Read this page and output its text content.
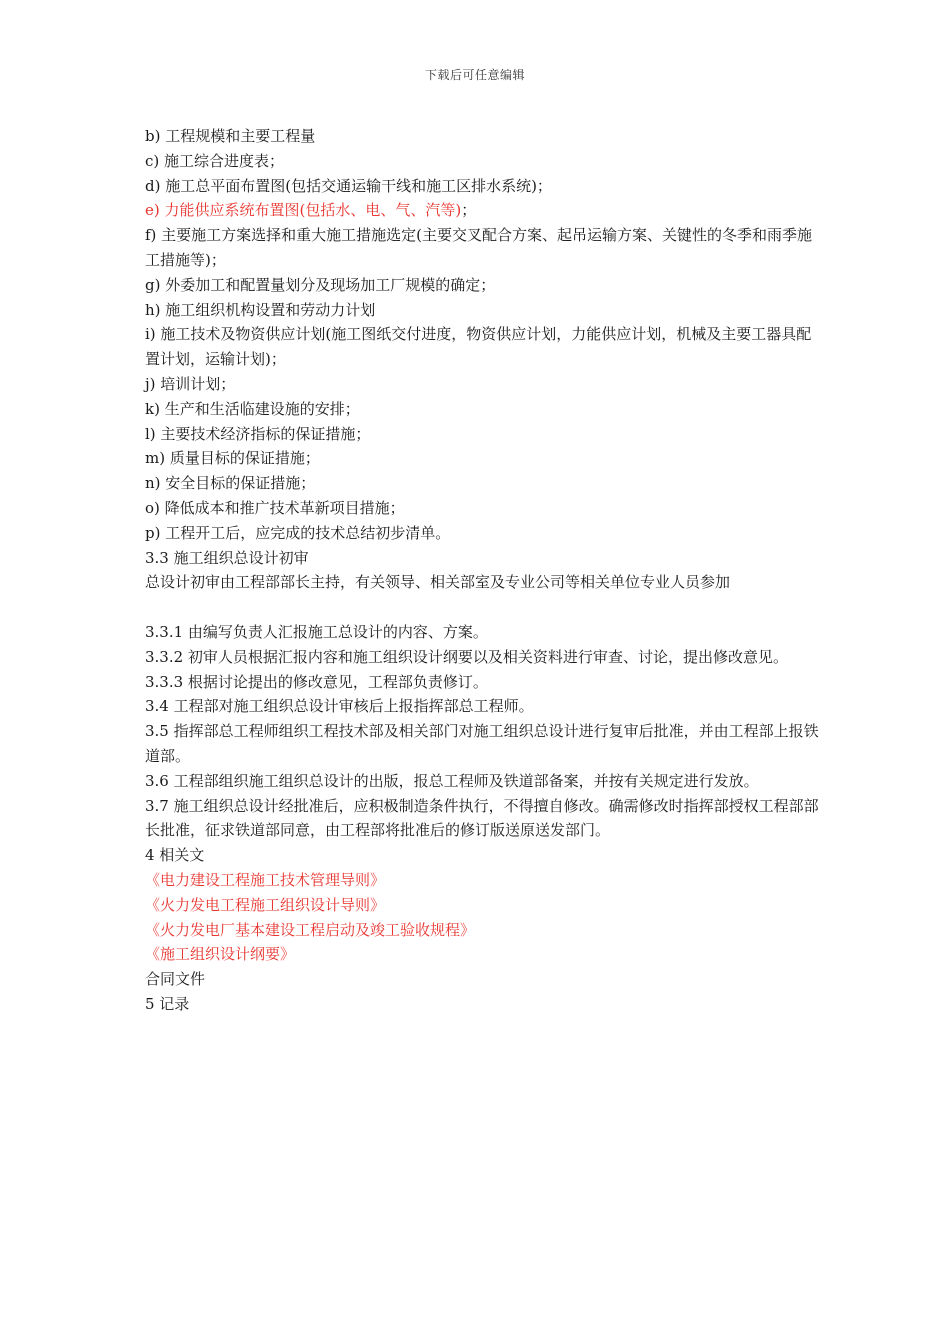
下载后可任意编辑
b) 工程规模和主要工程量
c) 施工综合进度表；
d) 施工总平面布置图(包括交通运输干线和施工区排水系统)；
e) 力能供应系统布置图(包括水、电、气、汽等)；
f) 主要施工方案选择和重大施工措施选定(主要交叉配合方案、起吊运输方案、关键性的冬季和雨季施工措施等)；
g) 外委加工和配置量划分及现场加工厂规模的确定；
h) 施工组织机构设置和劳动力计划
i) 施工技术及物资供应计划(施工图纸交付进度，物资供应计划，力能供应计划，机械及主要工器具配置计划，运输计划)；
j) 培训计划；
k) 生产和生活临建设施的安排；
l) 主要技术经济指标的保证措施；
m) 质量目标的保证措施；
n) 安全目标的保证措施；
o) 降低成本和推广技术革新项目措施；
p) 工程开工后，应完成的技术总结初步清单。
3.3 施工组织总设计初审
总设计初审由工程部部长主持，有关领导、相关部室及专业公司等相关单位专业人员参加
3.3.1 由编写负责人汇报施工总设计的内容、方案。
3.3.2 初审人员根据汇报内容和施工组织设计纲要以及相关资料进行审查、讨论，提出修改意见。
3.3.3 根据讨论提出的修改意见，工程部负责修订。
3.4 工程部对施工组织总设计审核后上报指挥部总工程师。
3.5 指挥部总工程师组织工程技术部及相关部门对施工组织总设计进行复审后批准，并由工程部上报铁道部。
3.6 工程部组织施工组织总设计的出版，报总工程师及铁道部备案，并按有关规定进行发放。
3.7 施工组织总设计经批准后，应积极制造条件执行，不得擅自修改。确需修改时指挥部授权工程部部长批准，征求铁道部同意，由工程部将批准后的修订版送原送发部门。
4 相关文
《电力建设工程施工技术管理导则》
《火力发电工程施工组织设计导则》
《火力发电厂基本建设工程启动及竣工验收规程》
《施工组织设计纲要》
合同文件
5 记录
